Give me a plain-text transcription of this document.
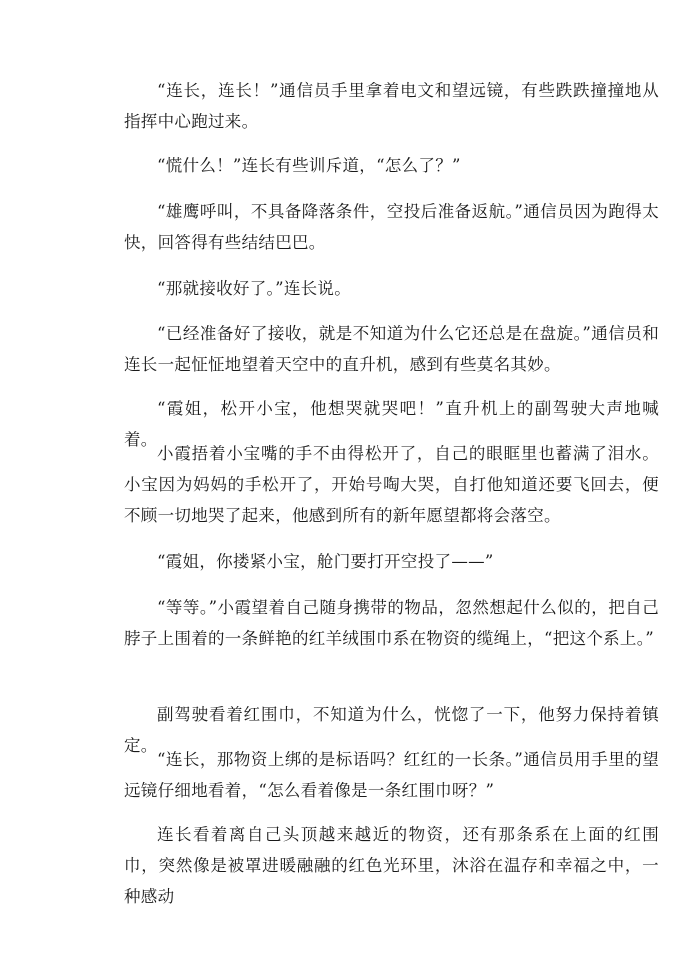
“连长，连长！”通信员手里拿着电文和望远镜，有些跌跌撞撞地从指挥中心跑过来。

“慌什么！”连长有些训斥道，“怎么了？”

“雄鹰呼叫，不具备降落条件，空投后准备返航。”通信员因为跑得太快，回答得有些结结巴巴。

“那就接收好了。”连长说。

“已经准备好了接收，就是不知道为什么它还总是在盘旋。”通信员和连长一起怔怔地望着天空中的直升机，感到有些莫名其妙。

“霞姐，松开小宝，他想哭就哭吧！”直升机上的副驾驶大声地喊着。

小霞捂着小宝嘴的手不由得松开了，自己的眼眶里也蓄满了泪水。小宝因为妈妈的手松开了，开始号啕大哭，自打他知道还要飞回去，便不顾一切地哭了起来，他感到所有的新年愿望都将会落空。

“霞姐，你搂紧小宝，舱门要打开空投了——”

“等等。”小霞望着自己随身携带的物品，忽然想起什么似的，把自己脖子上围着的一条鲜艳的红羊绒围巾系在物资的缆绳上，“把这个系上。”

副驾驶看着红围巾，不知道为什么，恍惚了一下，他努力保持着镇定。

“连长，那物资上绑的是标语吗？红红的一长条。”通信员用手里的望远镜仔细地看着，“怎么看着像是一条红围巾呀？”

连长看着离自己头顶越来越近的物资，还有那条系在上面的红围巾，突然像是被罩进暖融融的红色光环里，沐浴在温存和幸福之中，一种感动
